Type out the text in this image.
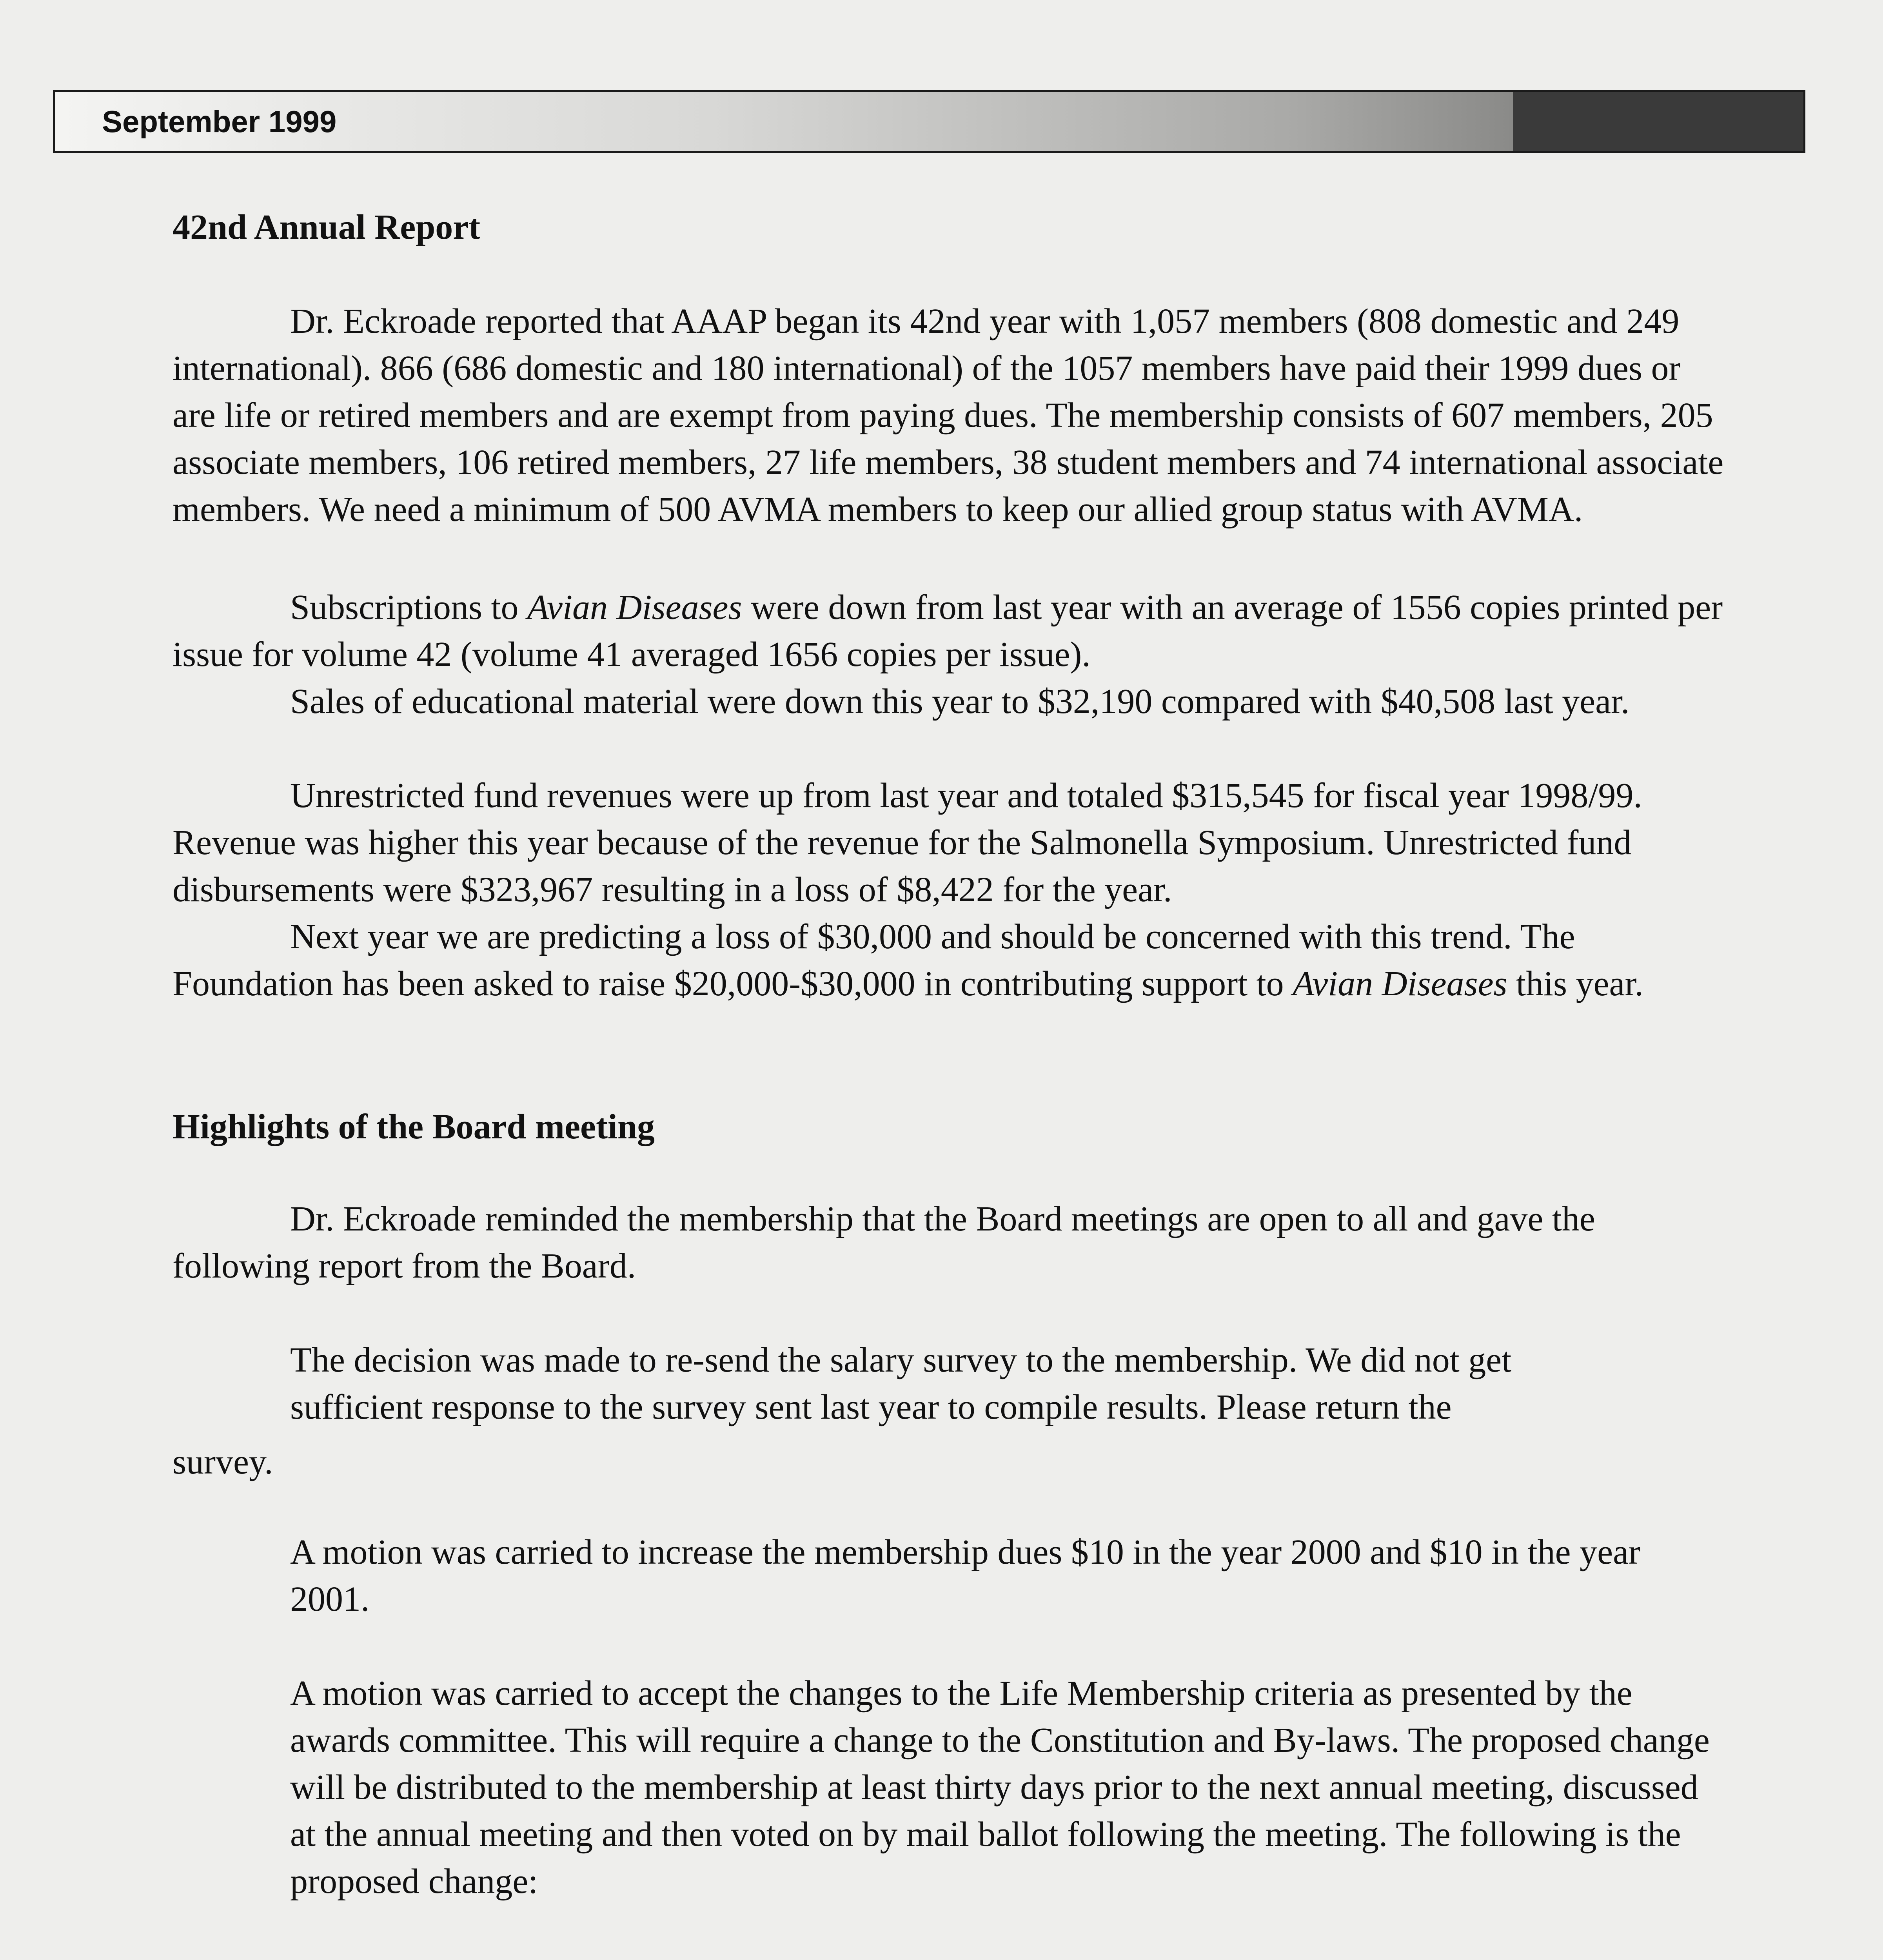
September 1999
42nd Annual Report
Dr. Eckroade reported that AAAP began its 42nd year with 1,057 members (808 domestic and 249 international). 866 (686 domestic and 180 international) of the 1057 members have paid their 1999 dues or are life or retired members and are exempt from paying dues. The membership consists of 607 members, 205 associate members, 106 retired members, 27 life members, 38 student members and 74 international associate members. We need a minimum of 500 AVMA members to keep our allied group status with AVMA.
Subscriptions to Avian Diseases were down from last year with an average of 1556 copies printed per issue for volume 42 (volume 41 averaged 1656 copies per issue).
Sales of educational material were down this year to $32,190 compared with $40,508 last year.
Unrestricted fund revenues were up from last year and totaled $315,545 for fiscal year 1998/99. Revenue was higher this year because of the revenue for the Salmonella Symposium. Unrestricted fund disbursements were $323,967 resulting in a loss of $8,422 for the year.
Next year we are predicting a loss of $30,000 and should be concerned with this trend. The Foundation has been asked to raise $20,000-$30,000 in contributing support to Avian Diseases this year.
Highlights of the Board meeting
Dr. Eckroade reminded the membership that the Board meetings are open to all and gave the following report from the Board.
The decision was made to re-send the salary survey to the membership. We did not get
sufficient response to the survey sent last year to compile results. Please return the
survey.
A motion was carried to increase the membership dues $10 in the year 2000 and $10 in the year 2001.
A motion was carried to accept the changes to the Life Membership criteria as presented by the awards committee. This will require a change to the Constitution and By-laws. The proposed change will be distributed to the membership at least thirty days prior to the next annual meeting, discussed at the annual meeting and then voted on by mail ballot following the meeting. The following is the proposed change:
